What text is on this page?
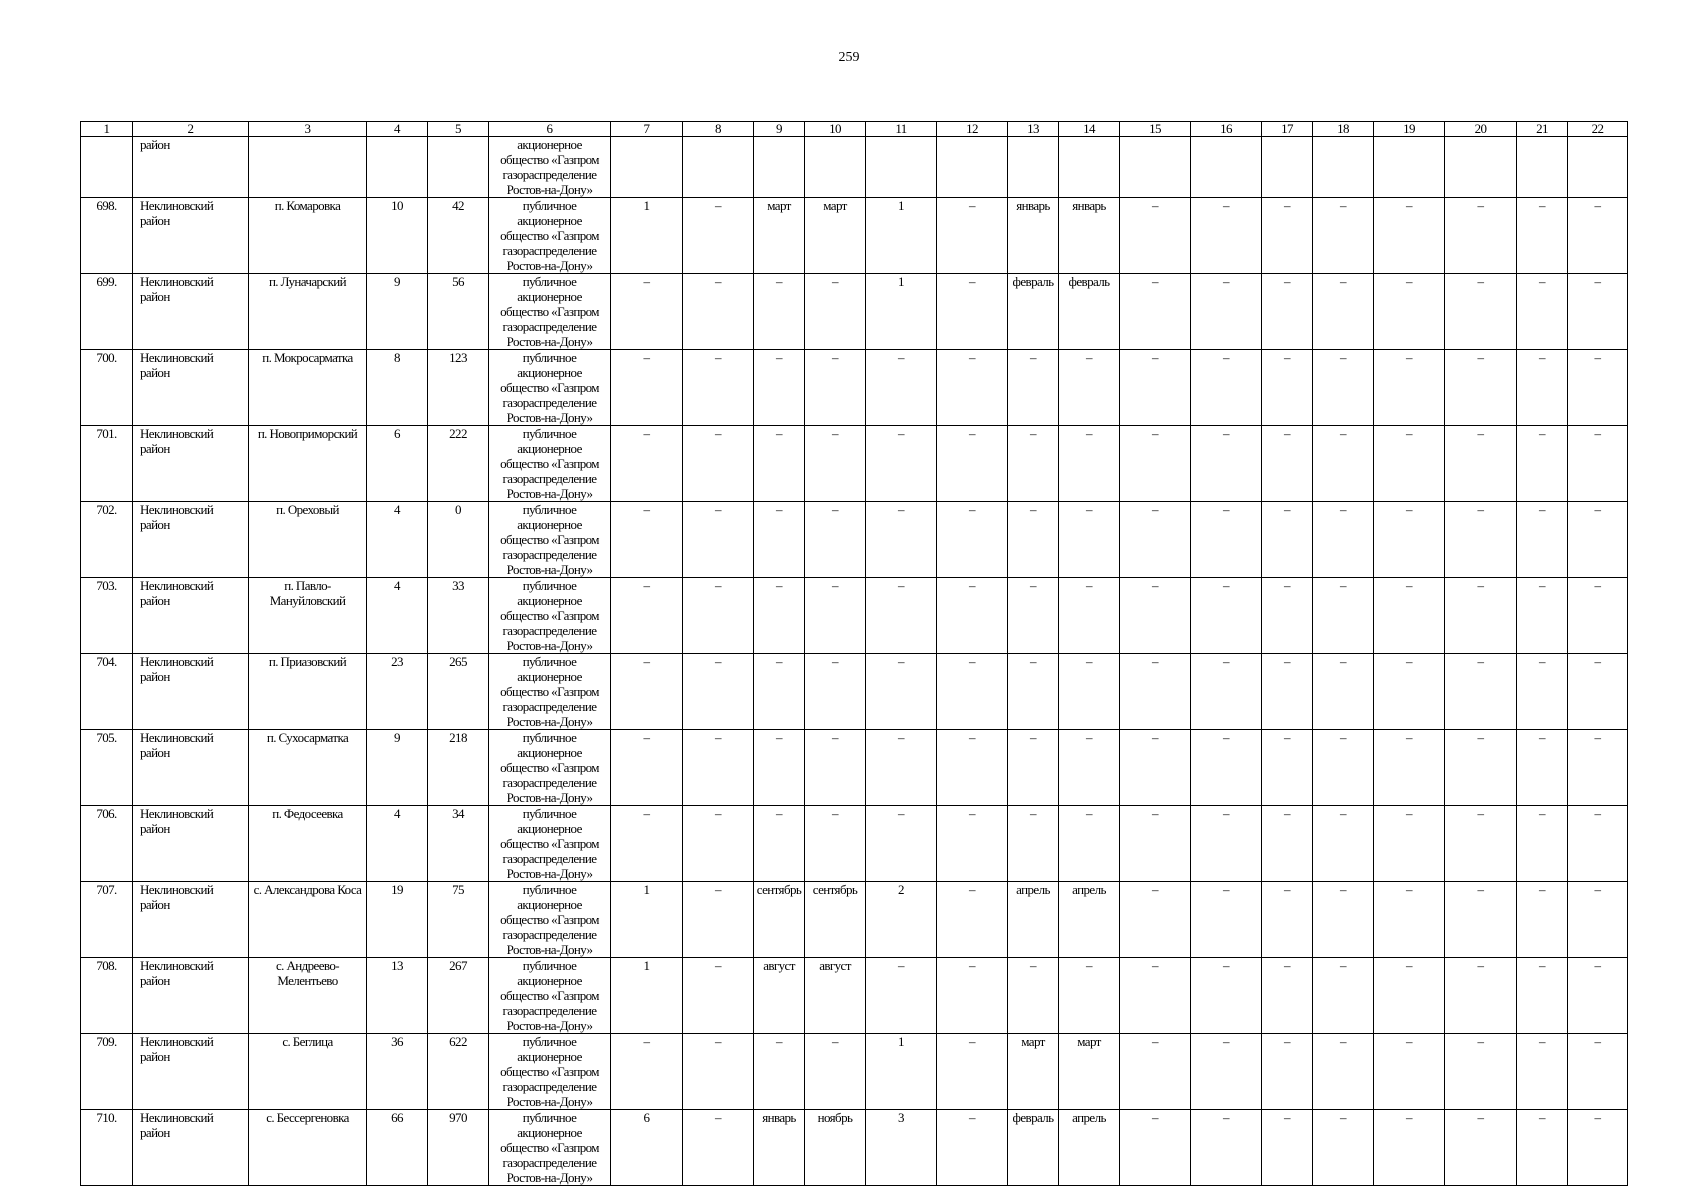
259
1	2	3	4	5	6	7	8	9	10	11	12	13	14	15	16	17	18	19	20	21	22
	район				акционерное
общество «Газпром
газораспределение
Ростов-на-Дону»																

698.	Неклиновский
район	п. Комаровка	10	42	публичное
акционерное
общество «Газпром
газораспределение
Ростов-на-Дону»	1	–	март	март	1	–	январь	январь	–	–	–	–	–	–	–	–
699.	Неклиновский
район	п. Луначарский	9	56	публичное
акционерное
общество «Газпром
газораспределение
Ростов-на-Дону»	–	–	–	–	1	–	февраль	февраль	–	–	–	–	–	–	–	–
700.	Неклиновский
район	п. Мокросарматка	8	123	публичное
акционерное
общество «Газпром
газораспределение
Ростов-на-Дону»	–	–	–	–	–	–	–	–	–	–	–	–	–	–	–	–
701.	Неклиновский
район	п. Новоприморский	6	222	публичное
акционерное
общество «Газпром
газораспределение
Ростов-на-Дону»	–	–	–	–	–	–	–	–	–	–	–	–	–	–	–	–
702.	Неклиновский
район	п. Ореховый	4	0	публичное
акционерное
общество «Газпром
газораспределение
Ростов-на-Дону»	–	–	–	–	–	–	–	–	–	–	–	–	–	–	–	–
703.	Неклиновский
район	п. Павло-
Мануйловский	4	33	публичное
акционерное
общество «Газпром
газораспределение
Ростов-на-Дону»	–	–	–	–	–	–	–	–	–	–	–	–	–	–	–	–
704.	Неклиновский
район	п. Приазовский	23	265	публичное
акционерное
общество «Газпром
газораспределение
Ростов-на-Дону»	–	–	–	–	–	–	–	–	–	–	–	–	–	–	–	–
705.	Неклиновский
район	п. Сухосарматка	9	218	публичное
акционерное
общество «Газпром
газораспределение
Ростов-на-Дону»	–	–	–	–	–	–	–	–	–	–	–	–	–	–	–	–
706.	Неклиновский
район	п. Федосеевка	4	34	публичное
акционерное
общество «Газпром
газораспределение
Ростов-на-Дону»	–	–	–	–	–	–	–	–	–	–	–	–	–	–	–	–
707.	Неклиновский
район	с. Александрова Коса	19	75	публичное
акционерное
общество «Газпром
газораспределение
Ростов-на-Дону»	1	–	сентябрь	сентябрь	2	–	апрель	апрель	–	–	–	–	–	–	–	–
708.	Неклиновский
район	с. Андреево-
Мелентьево	13	267	публичное
акционерное
общество «Газпром
газораспределение
Ростов-на-Дону»	1	–	август	август	–	–	–	–	–	–	–	–	–	–	–	–
709.	Неклиновский
район	с. Беглица	36	622	публичное
акционерное
общество «Газпром
газораспределение
Ростов-на-Дону»	–	–	–	–	1	–	март	март	–	–	–	–	–	–	–	–
710.	Неклиновский
район	с. Бессергеновка	66	970	публичное
акционерное
общество «Газпром
газораспределение
Ростов-на-Дону»	6	–	январь	ноябрь	3	–	февраль	апрель	–	–	–	–	–	–	–	–
